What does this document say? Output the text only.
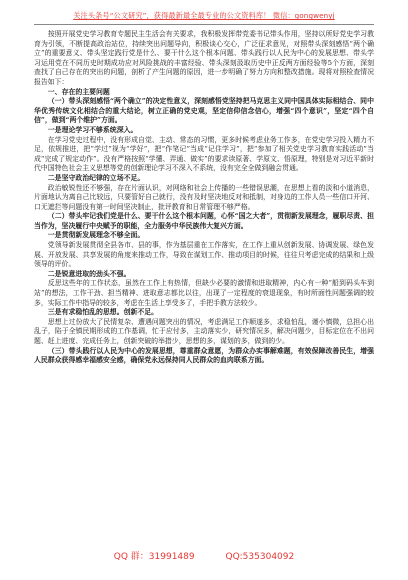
关注头条号“公文研究”，获得最新最全最专业的公文资料库！ 微信：gongwenyj

按照开展党史学习教育专题民主生活会有关要求，我积极发挥带党委书记带头作用，坚持以所好党史学习教育为引领，不断提高政治站位，持续突出问题导向，积极谈心交心，广泛征求意见，对照带头深刻感悟“两个确立”的重要意义、带头坚定践行党是什么、要干什么这个根本问题、带头践行以人民为中心的发展思想、带头学习运用党在不同历史时期成功应对风险挑战的丰富经验、带头深刻汲取历史中正反两方面经验等5个方面，深刻查找了自己存在的突出的问题，剖析了产生问题的原因，进一步明确了努力方向和整改措施。现将对照检查情况报告如下：

一、存在的主要问题

（一）带头深刻感悟“两个确立”的决定性意义，深刻感悟党坚持把马克思主义同中国具体实际相结合、同中华优秀传统文化相结合的重大结论，树立正确的党史观，坚定信仰信念信心，增强“四个意识”，坚定“四个自信”，做到“两个维护”方面。

一是理论学习不够系统深入。

在学习党史过程中，没有形成自觉、主动、常态的习惯，更多时候考虑业务工作多，在党史学习投入精力不足，依规推进，把“学过”视为“学好”，把“作笔记”当成“记住学习”，把“参加了相关党史学习教育实践活动”当成“完成了规定动作”。没有严格按照“学懂、弄通、做实”的要求读原著、学原文、悟原理，特别是对习近平新时代中国特色社会主义思想等党的创新理论学习不深入不系统，没有完全全做到融会贯通。

二是坚守政治纪律的立场不足。

政治敏锐性还不够强，存在片面认识，对网络和社会上传播的一些错误思潮，在思想上看的淡和小道消息，片面地认为离自己比较远，只要管好自己就行，没有及时坚决地反对和抵制，对身边的工作人员一些信口开河、口无遮拦等问题没有第一时间坚决制止，批评教育和日常管理不够严格。

（二）带头牢记我们党是什么、要干什么这个根本问题，心怀“国之大者”，贯彻新发展理念，履职尽责、担当作为，坚决履行中央赋予的职能，全力服务中华民族伟大复兴方面。

一是贯彻新发展理念不够全面。

党领导新发展贯彻全县各市、县的事，作为基层重在工作落实，在工作上重从创新发展、协调发展、绿色发展、开放发展、共享发展的角度来推动工作，导致在谋划工作、推动项目的时候，往往只考虑完成的结果和上级领导的评价。

二是锐意进取的劲头不强。

反思这些年的工作状态，虽然在工作上有热情，但缺少必要的激情和进取精神，内心有一种“船到码头车到站”的想法，工作干劲、担当精神、进取意志都比以往，出现了一定程度的衰退现象，有时所面性问题强调的较多，实际工作中指导的较多，考虑在生活上享受多了，手把手教方法较少。

三是有求稳怕乱的思想。创新不足。

思想上过份放大了民情复杂、遭遇问题突出的情况，考虑满足工作顺遂多，求稳怕乱，谨小慎微，总担心出乱子，陷于全镇民期形成的工作基调，忙于应付多，主动落实少，研究情况多，解决问题少，目标定位在不出问题、赶上进度、完成任务上，创新突破的举措少，思想的多，谋划的多，做到的少。

（三）带头践行以人民为中心的发展思想，尊重群众意愿，为群众办实事解难题，有效保障改善民生，增强人民群众获得感幸福感安全感，确保党永远保持同人民群众的血肉联系方面。

QQ 群：31991489	QQ:535304092
